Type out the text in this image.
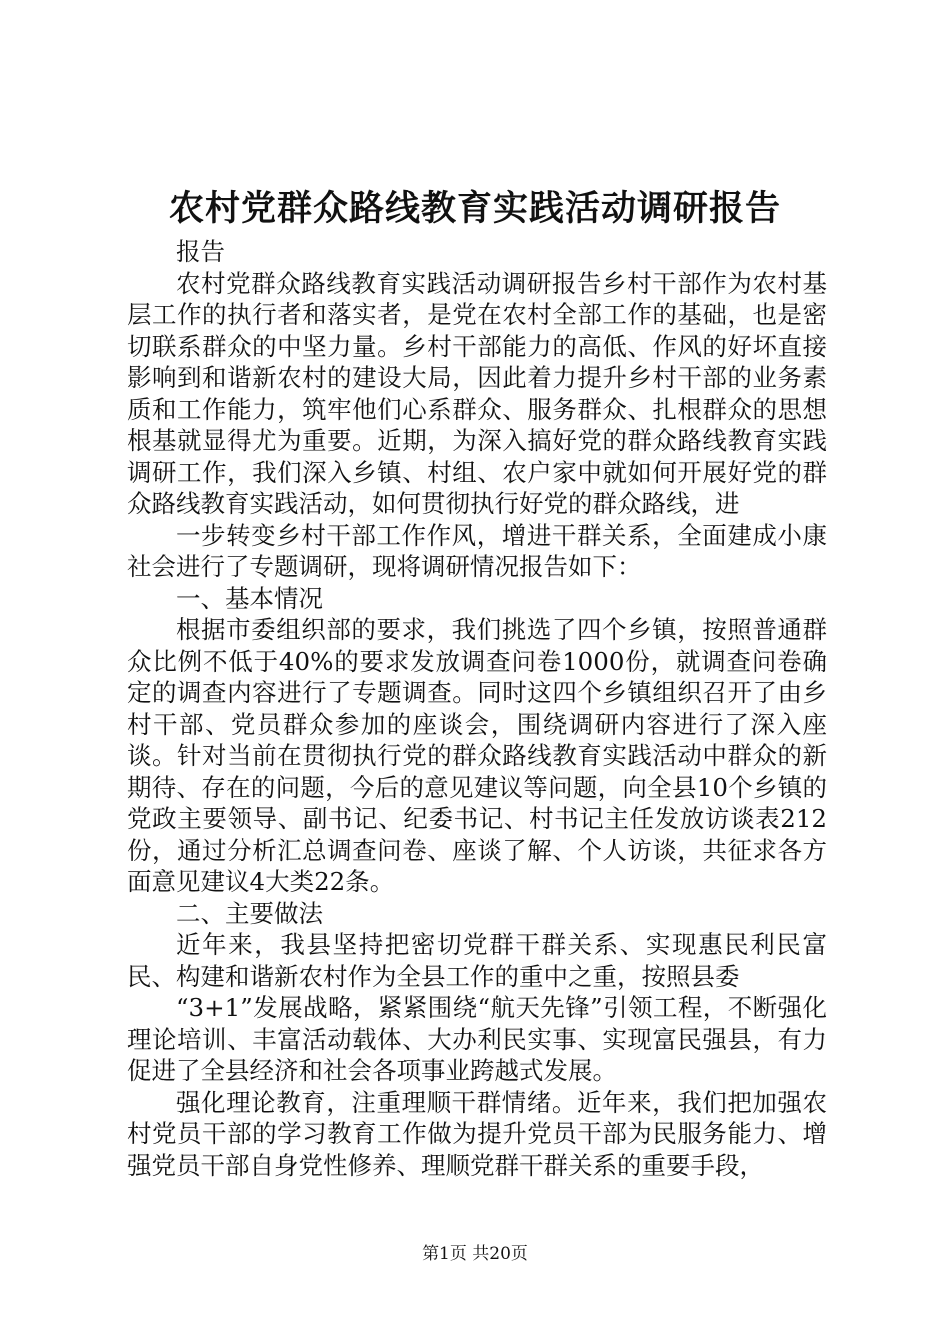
农村党群众路线教育实践活动调研报告

报告

农村党群众路线教育实践活动调研报告乡村干部作为农村基层工作的执行者和落实者，是党在农村全部工作的基础，也是密切联系群众的中坚力量。乡村干部能力的高低、作风的好坏直接影响到和谐新农村的建设大局，因此着力提升乡村干部的业务素质和工作能力，筑牢他们心系群众、服务群众、扎根群众的思想根基就显得尤为重要。近期，为深入搞好党的群众路线教育实践调研工作，我们深入乡镇、村组、农户家中就如何开展好党的群众路线教育实践活动，如何贯彻执行好党的群众路线，进

一步转变乡村干部工作作风，增进干群关系，全面建成小康社会进行了专题调研，现将调研情况报告如下：

一、基本情况

根据市委组织部的要求，我们挑选了四个乡镇，按照普通群众比例不低于40%的要求发放调查问卷1000份，就调查问卷确定的调查内容进行了专题调查。同时这四个乡镇组织召开了由乡村干部、党员群众参加的座谈会，围绕调研内容进行了深入座谈。针对当前在贯彻执行党的群众路线教育实践活动中群众的新期待、存在的问题，今后的意见建议等问题，向全县10个乡镇的党政主要领导、副书记、纪委书记、村书记主任发放访谈表212份，通过分析汇总调查问卷、座谈了解、个人访谈，共征求各方面意见建议4大类22条。

二、主要做法

近年来，我县坚持把密切党群干群关系、实现惠民利民富民、构建和谐新农村作为全县工作的重中之重，按照县委

“3+1”发展战略，紧紧围绕“航天先锋”引领工程，不断强化理论培训、丰富活动载体、大办利民实事、实现富民强县，有力促进了全县经济和社会各项事业跨越式发展。

强化理论教育，注重理顺干群情绪。近年来，我们把加强农村党员干部的学习教育工作做为提升党员干部为民服务能力、增强党员干部自身党性修养、理顺党群干群关系的重要手段，

第1页 共20页
